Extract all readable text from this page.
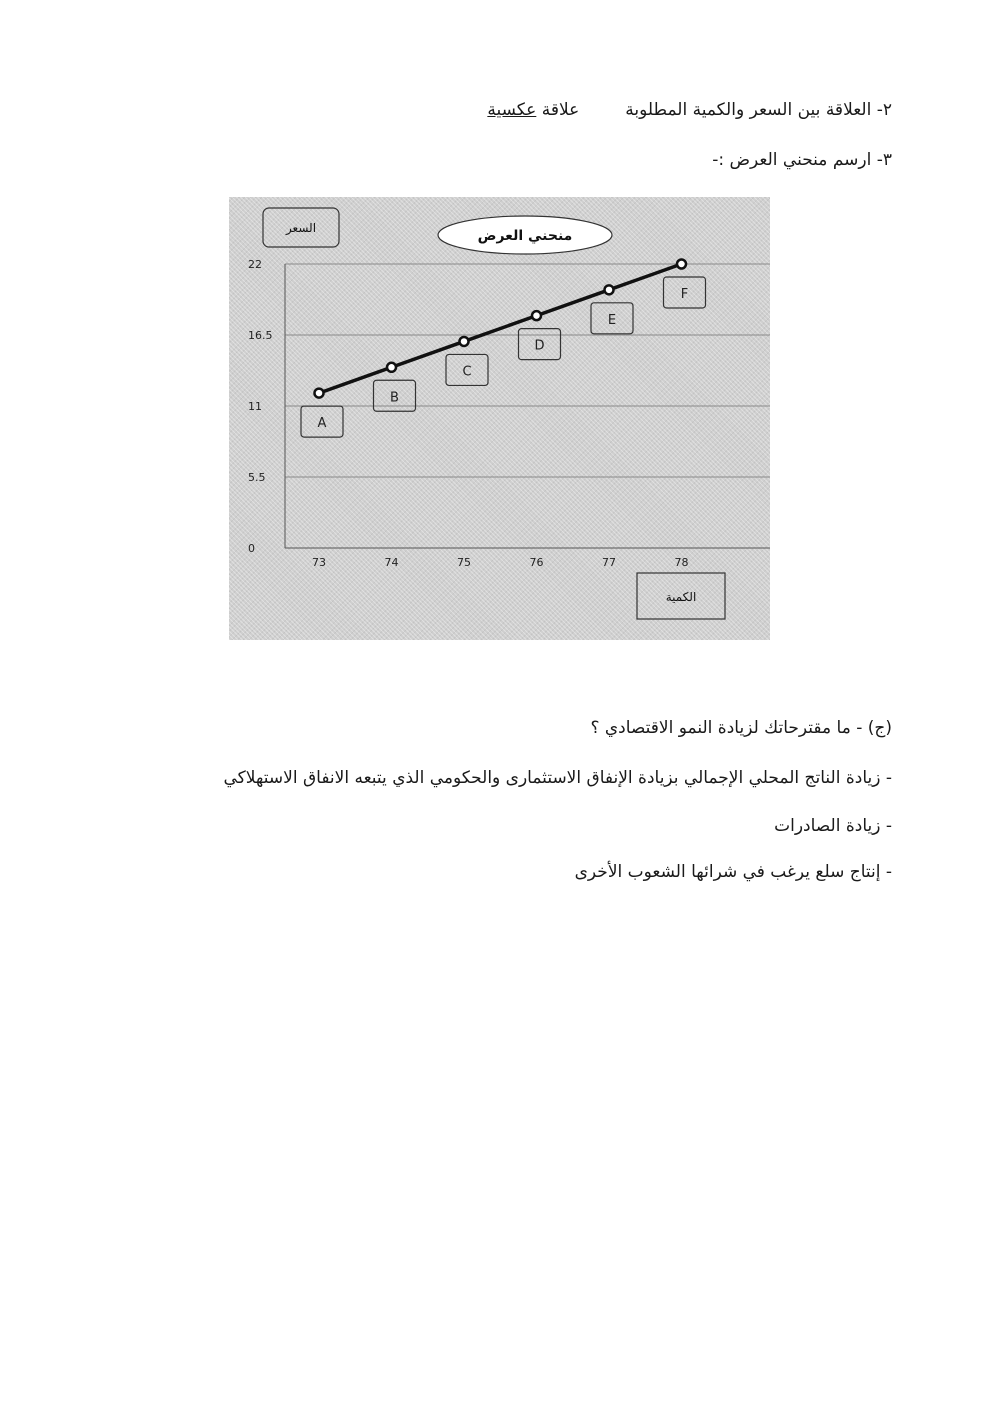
٢- العلاقة بين السعر والكمية المطلوبةعلاقة عكسية
٣- ارسم منحني العرض :-
السعر	منحني العرض
الكمية
0
5.5
11
16.5
22
73	74	75	76	77	78
A
B
C
D
E
F
(ج) - ما مقترحاتك لزيادة النمو الاقتصادي ؟
- زيادة الناتج المحلي الإجمالي بزيادة الإنفاق الاستثمارى والحكومي الذي يتبعه الانفاق الاستهلاكي
- زيادة الصادرات
- إنتاج سلع يرغب في شرائها الشعوب الأخرى
